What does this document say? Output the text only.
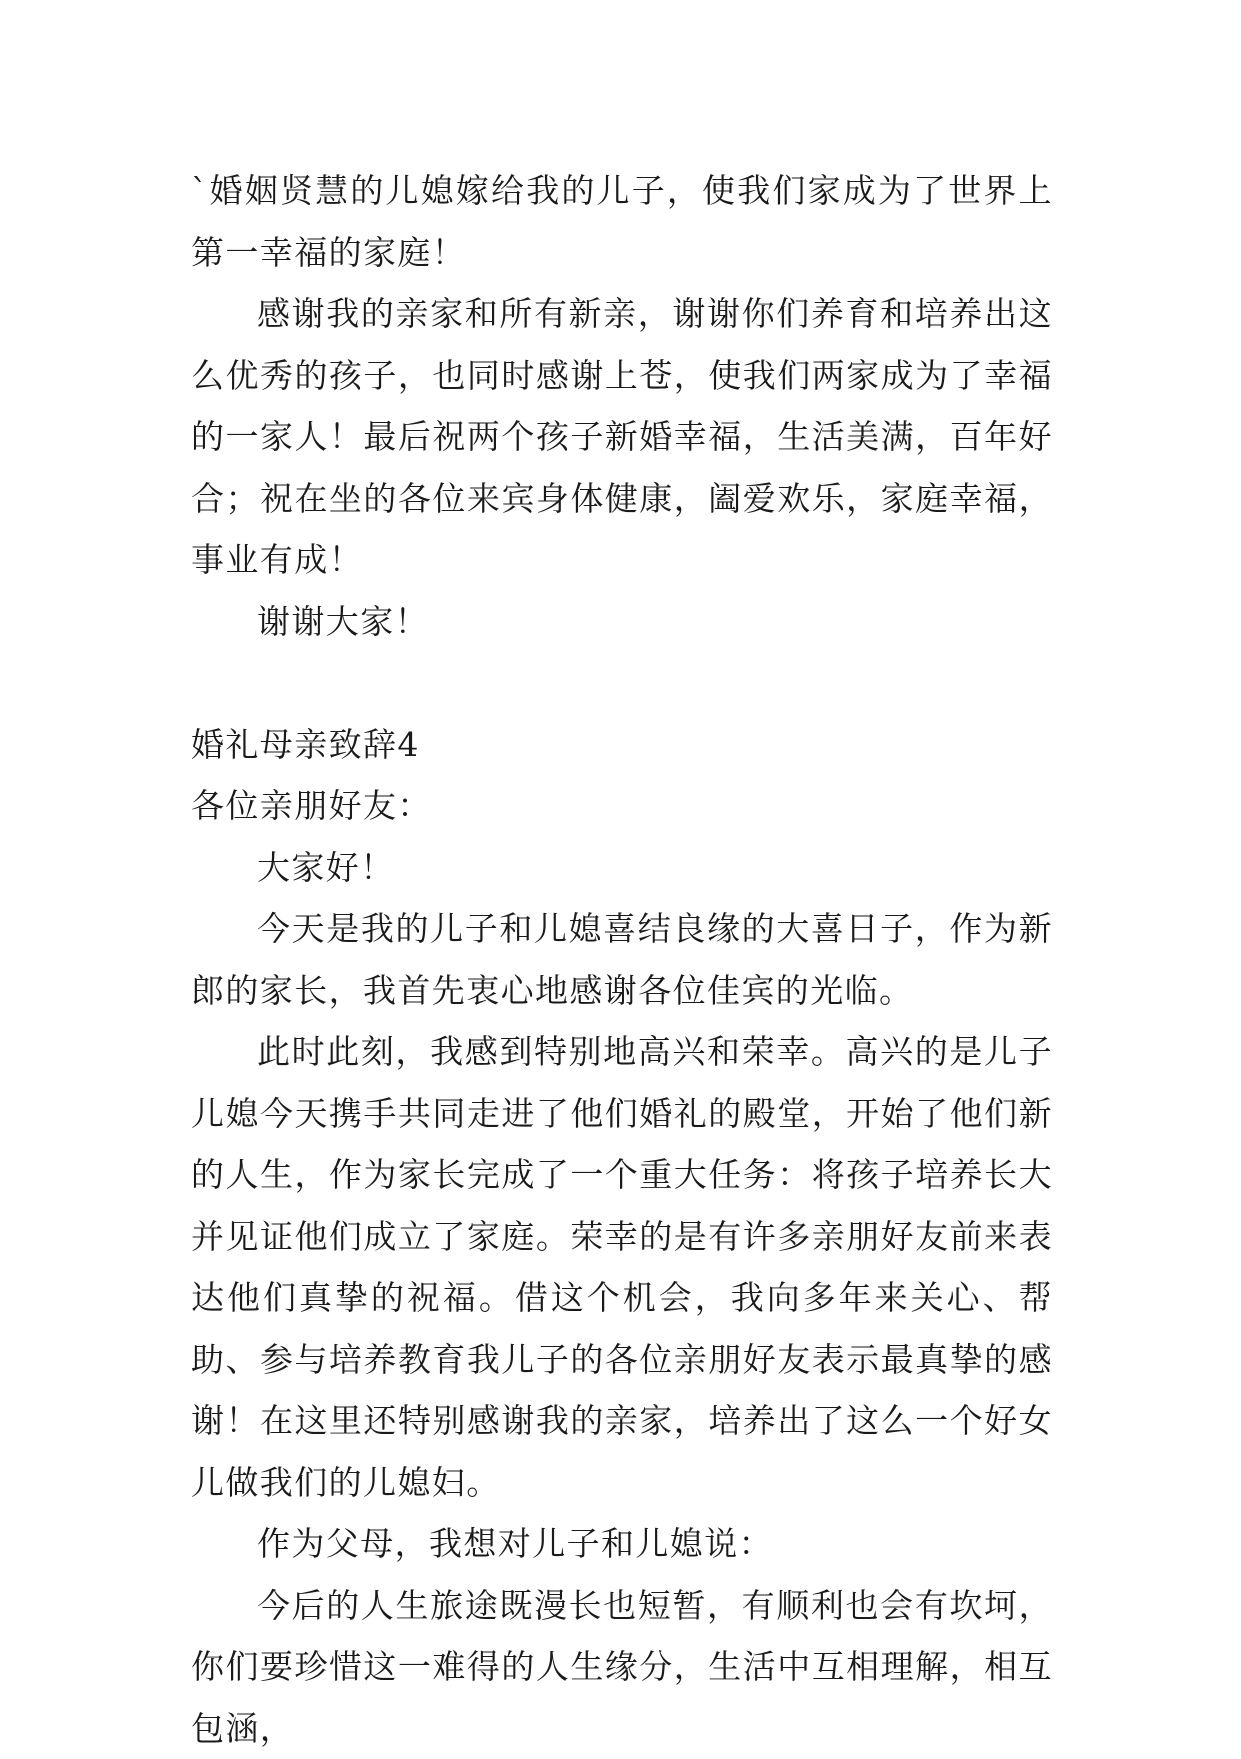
`婚姻贤慧的儿媳嫁给我的儿子，使我们家成为了世界上第一幸福的家庭！

感谢我的亲家和所有新亲，谢谢你们养育和培养出这么优秀的孩子，也同时感谢上苍，使我们两家成为了幸福的一家人！最后祝两个孩子新婚幸福，生活美满，百年好合；祝在坐的各位来宾身体健康，阖爱欢乐，家庭幸福，事业有成！

谢谢大家！

婚礼母亲致辞4

各位亲朋好友：

大家好！

今天是我的儿子和儿媳喜结良缘的大喜日子，作为新郎的家长，我首先衷心地感谢各位佳宾的光临。

此时此刻，我感到特别地高兴和荣幸。高兴的是儿子儿媳今天携手共同走进了他们婚礼的殿堂，开始了他们新的人生，作为家长完成了一个重大任务：将孩子培养长大并见证他们成立了家庭。荣幸的是有许多亲朋好友前来表达他们真挚的祝福。借这个机会，我向多年来关心、帮助、参与培养教育我儿子的各位亲朋好友表示最真挚的感谢！在这里还特别感谢我的亲家，培养出了这么一个好女儿做我们的儿媳妇。

作为父母，我想对儿子和儿媳说：

今后的人生旅途既漫长也短暂，有顺利也会有坎坷，你们要珍惜这一难得的人生缘分，生活中互相理解，相互包涵，
